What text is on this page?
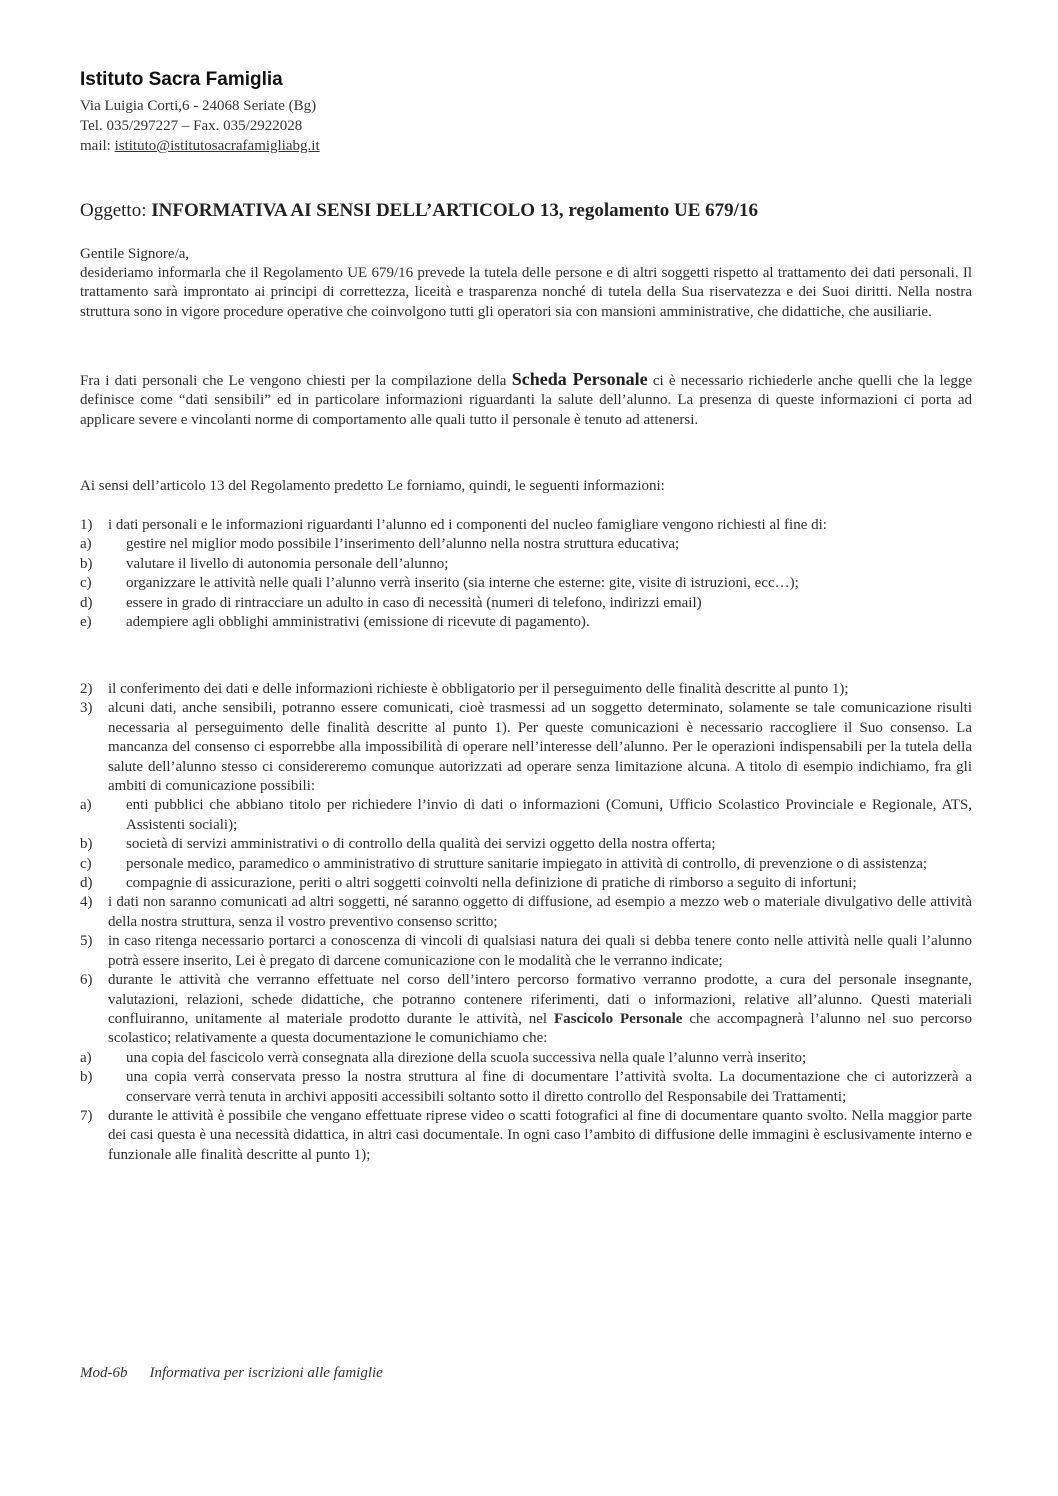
Istituto Sacra Famiglia
Via Luigia Corti,6 - 24068 Seriate (Bg)
Tel. 035/297227 – Fax. 035/2922028
mail: istituto@istitutosacrafamigliabg.it
Oggetto: INFORMATIVA AI SENSI DELL’ARTICOLO 13, regolamento UE 679/16
Gentile Signore/a,
desideriamo informarla che il Regolamento UE 679/16 prevede la tutela delle persone e di altri soggetti rispetto al trattamento dei dati personali. Il trattamento sarà improntato ai principi di correttezza, liceità e trasparenza nonché di tutela della Sua riservatezza e dei Suoi diritti. Nella nostra struttura sono in vigore procedure operative che coinvolgono tutti gli operatori sia con mansioni amministrative, che didattiche, che ausiliarie.
Fra i dati personali che Le vengono chiesti per la compilazione della Scheda Personale ci è necessario richiederle anche quelli che la legge definisce come “dati sensibili” ed in particolare informazioni riguardanti la salute dell’alunno. La presenza di queste informazioni ci porta ad applicare severe e vincolanti norme di comportamento alle quali tutto il personale è tenuto ad attenersi.
Ai sensi dell’articolo 13 del Regolamento predetto Le forniamo, quindi, le seguenti informazioni:
1)	i dati personali e le informazioni riguardanti l’alunno ed i componenti del nucleo famigliare vengono richiesti al fine di:
a)	gestire nel miglior modo possibile l’inserimento dell’alunno nella nostra struttura educativa;
b)	valutare il livello di autonomia personale dell’alunno;
c)	organizzare le attività nelle quali l’alunno verrà inserito (sia interne che esterne: gite, visite di istruzioni, ecc…);
d)	essere in grado di rintracciare un adulto in caso di necessità (numeri di telefono, indirizzi email)
e)	adempiere agli obblighi amministrativi (emissione di ricevute di pagamento).
2)	il conferimento dei dati e delle informazioni richieste è obbligatorio per il perseguimento delle finalità descritte al punto 1);
3)	alcuni dati, anche sensibili, potranno essere comunicati, cioè trasmessi ad un soggetto determinato, solamente se tale comunicazione risulti necessaria al perseguimento delle finalità descritte al punto 1). Per queste comunicazioni è necessario raccogliere il Suo consenso. La mancanza del consenso ci esporrebbe alla impossibilità di operare nell’interesse dell’alunno. Per le operazioni indispensabili per la tutela della salute dell’alunno stesso ci considereremo comunque autorizzati ad operare senza limitazione alcuna. A titolo di esempio indichiamo, fra gli ambiti di comunicazione possibili:
a)	enti pubblici che abbiano titolo per richiedere l’invio di dati o informazioni (Comuni, Ufficio Scolastico Provinciale e Regionale, ATS, Assistenti sociali);
b)	società di servizi amministrativi o di controllo della qualità dei servizi oggetto della nostra offerta;
c)	personale medico, paramedico o amministrativo di strutture sanitarie impiegato in attività di controllo, di prevenzione o di assistenza;
d)	compagnie di assicurazione, periti o altri soggetti coinvolti nella definizione di pratiche di rimborso a seguito di infortuni;
4)	i dati non saranno comunicati ad altri soggetti, né saranno oggetto di diffusione, ad esempio a mezzo web o materiale divulgativo delle attività della nostra struttura, senza il vostro preventivo consenso scritto;
5)	in caso ritenga necessario portarci a conoscenza di vincoli di qualsiasi natura dei quali si debba tenere conto nelle attività nelle quali l’alunno potrà essere inserito, Lei è pregato di darcene comunicazione con le modalità che le verranno indicate;
6)	durante le attività che verranno effettuate nel corso dell’intero percorso formativo verranno prodotte, a cura del personale insegnante, valutazioni, relazioni, schede didattiche, che potranno contenere riferimenti, dati o informazioni, relative all’alunno. Questi materiali confluiranno, unitamente al materiale prodotto durante le attività, nel Fascicolo Personale che accompagnerà l’alunno nel suo percorso scolastico; relativamente a questa documentazione le comunichiamo che:
a)	una copia del fascicolo verrà consegnata alla direzione della scuola successiva nella quale l’alunno verrà inserito;
b)	una copia verrà conservata presso la nostra struttura al fine di documentare l’attività svolta. La documentazione che ci autorizzerà a conservare verrà tenuta in archivi appositi accessibili soltanto sotto il diretto controllo del Responsabile dei Trattamenti;
7)	durante le attività è possibile che vengano effettuate riprese video o scatti fotografici al fine di documentare quanto svolto. Nella maggior parte dei casi questa è una necessità didattica, in altri casi documentale. In ogni caso l’ambito di diffusione delle immagini è esclusivamente interno e funzionale alle finalità descritte al punto 1);
Mod-6b Informativa per iscrizioni alle famiglie
